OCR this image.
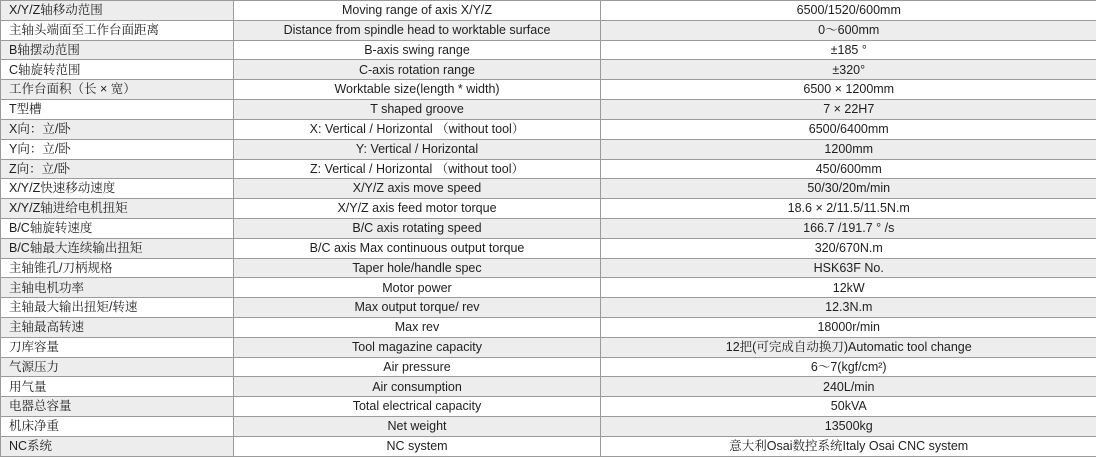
X/Y/Z轴移动范围	Moving range of axis X/Y/Z	6500/1520/600mm
主轴头端面至工作台面距离	Distance from spindle head to worktable surface	0～600mm
B轴摆动范围	B-axis swing range	±185 °
C轴旋转范围	C-axis rotation range	±320°
工作台面积（长 × 宽）	Worktable size(length * width)	6500 × 1200mm
T型槽	T shaped groove	7 × 22H7
X向：立/卧	X: Vertical / Horizontal （without tool）	6500/6400mm
Y向：立/卧	Y: Vertical / Horizontal	1200mm
Z向：立/卧	Z: Vertical / Horizontal （without tool）	450/600mm
X/Y/Z快速移动速度	X/Y/Z axis move speed	50/30/20m/min
X/Y/Z轴进给电机扭矩	X/Y/Z axis feed motor torque	18.6 × 2/11.5/11.5N.m
B/C轴旋转速度	B/C axis rotating speed	166.7 /191.7 ° /s
B/C轴最大连续输出扭矩	B/C axis Max continuous output torque	320/670N.m
主轴锥孔/刀柄规格	Taper hole/handle spec	HSK63F No.
主轴电机功率	Motor power	12kW
主轴最大输出扭矩/转速	Max output torque/ rev	12.3N.m
主轴最高转速	Max rev	18000r/min
刀库容量	Tool magazine capacity	12把(可完成自动换刀)Automatic tool change
气源压力	Air pressure	6～7(kgf/cm²)
用气量	Air consumption	240L/min
电器总容量	Total electrical capacity	50kVA
机床净重	Net weight	13500kg
NC系统	NC system	意大利Osai数控系统Italy Osai CNC system
